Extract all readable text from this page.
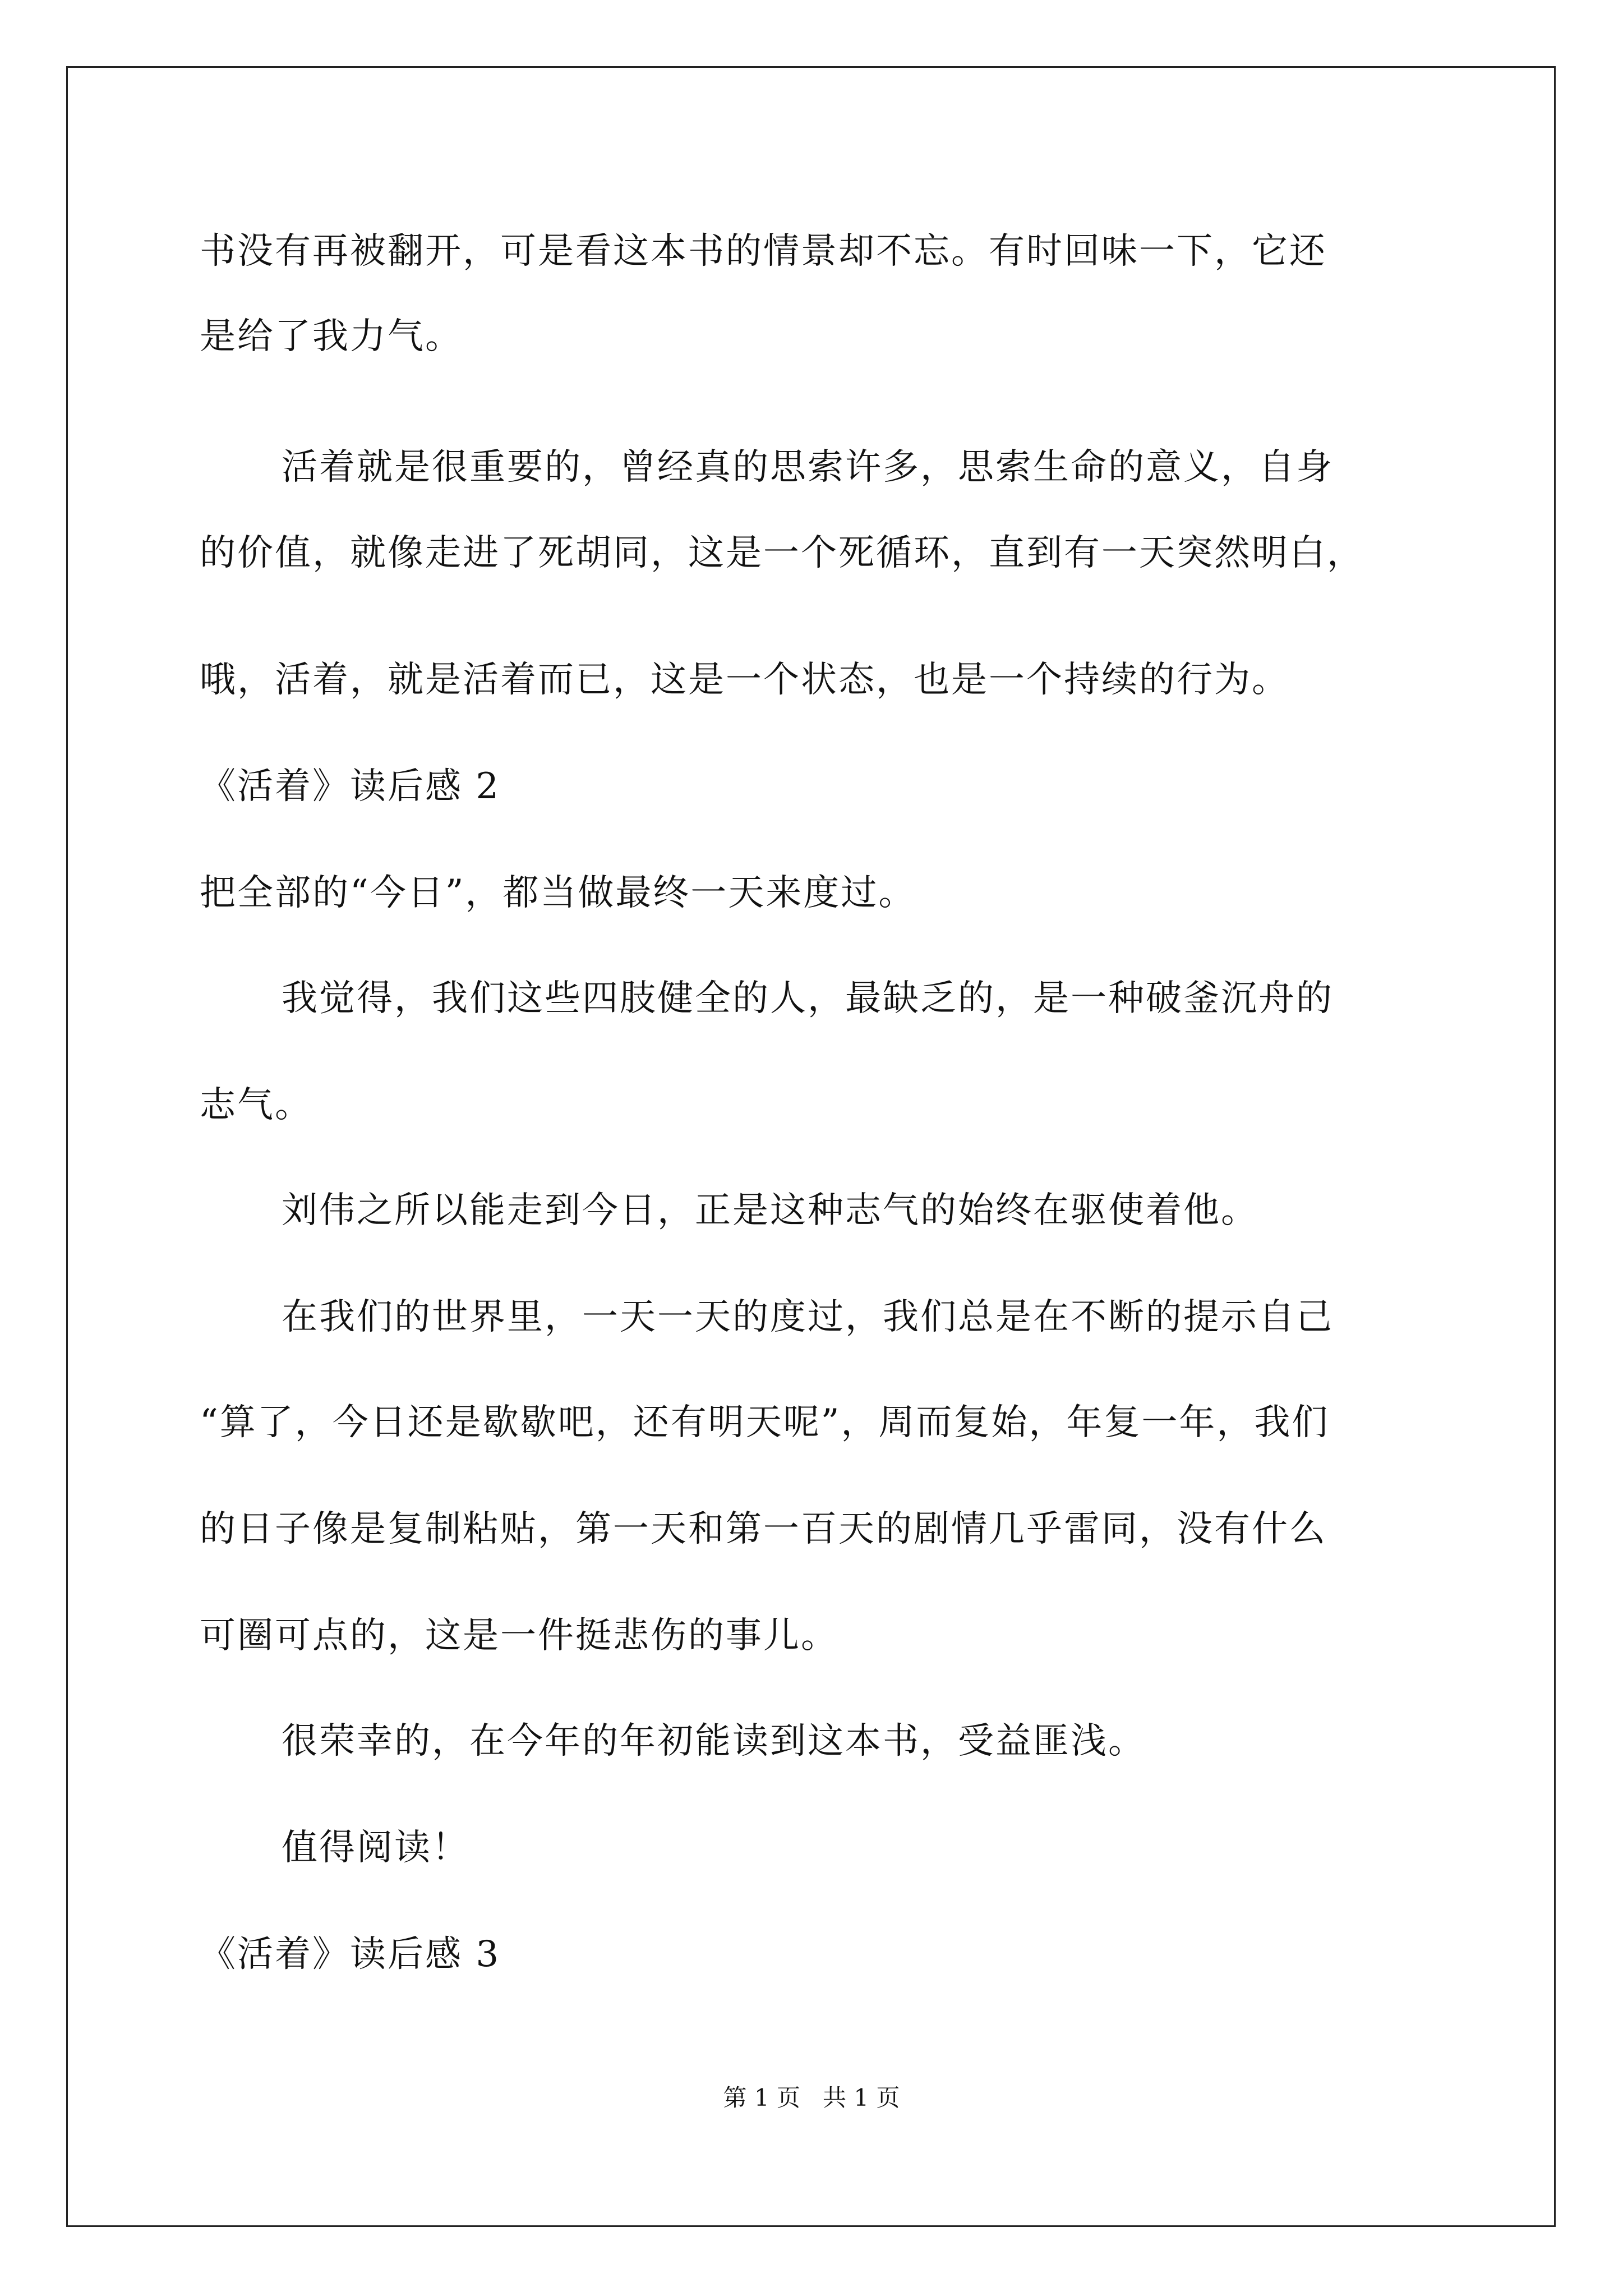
书没有再被翻开，可是看这本书的情景却不忘。有时回味一下，它还
是给了我力气。
活着就是很重要的，曾经真的思索许多，思索生命的意义，自身
的价值，就像走进了死胡同，这是一个死循环，直到有一天突然明白，
哦，活着，就是活着而已，这是一个状态，也是一个持续的行为。
《活着》读后感 2
把全部的“今日”，都当做最终一天来度过。
我觉得，我们这些四肢健全的人，最缺乏的，是一种破釜沉舟的
志气。
刘伟之所以能走到今日，正是这种志气的始终在驱使着他。
在我们的世界里，一天一天的度过，我们总是在不断的提示自己
“算了，今日还是歇歇吧，还有明天呢”，周而复始，年复一年，我们
的日子像是复制粘贴，第一天和第一百天的剧情几乎雷同，没有什么
可圈可点的，这是一件挺悲伤的事儿。
很荣幸的，在今年的年初能读到这本书，受益匪浅。
值得阅读！
《活着》读后感 3
第 1 页   共 1 页
